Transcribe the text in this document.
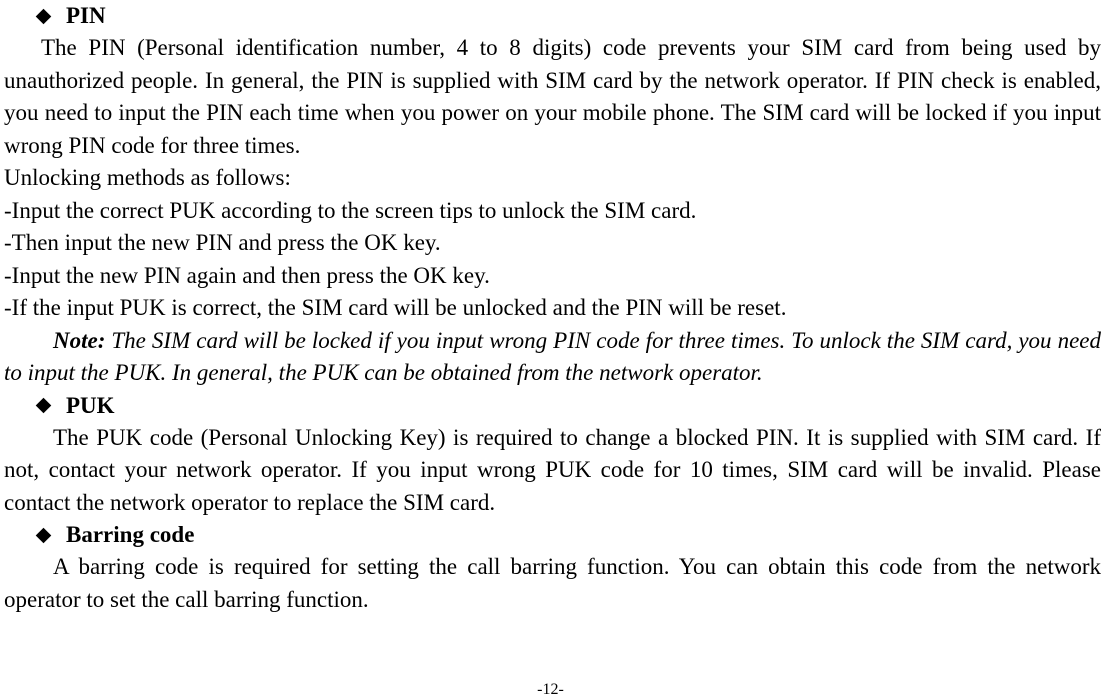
PIN

The PIN (Personal identification number, 4 to 8 digits) code prevents your SIM card from being used by unauthorized people. In general, the PIN is supplied with SIM card by the network operator. If PIN check is enabled, you need to input the PIN each time when you power on your mobile phone. The SIM card will be locked if you input wrong PIN code for three times.

Unlocking methods as follows:

-Input the correct PUK according to the screen tips to unlock the SIM card.

-Then input the new PIN and press the OK key.

-Input the new PIN again and then press the OK key.

-If the input PUK is correct, the SIM card will be unlocked and the PIN will be reset.

Note: The SIM card will be locked if you input wrong PIN code for three times. To unlock the SIM card, you need to input the PUK. In general, the PUK can be obtained from the network operator.

PUK

The PUK code (Personal Unlocking Key) is required to change a blocked PIN. It is supplied with SIM card. If not, contact your network operator. If you input wrong PUK code for 10 times, SIM card will be invalid. Please contact the network operator to replace the SIM card.

Barring code

A barring code is required for setting the call barring function. You can obtain this code from the network operator to set the call barring function.

-12-
